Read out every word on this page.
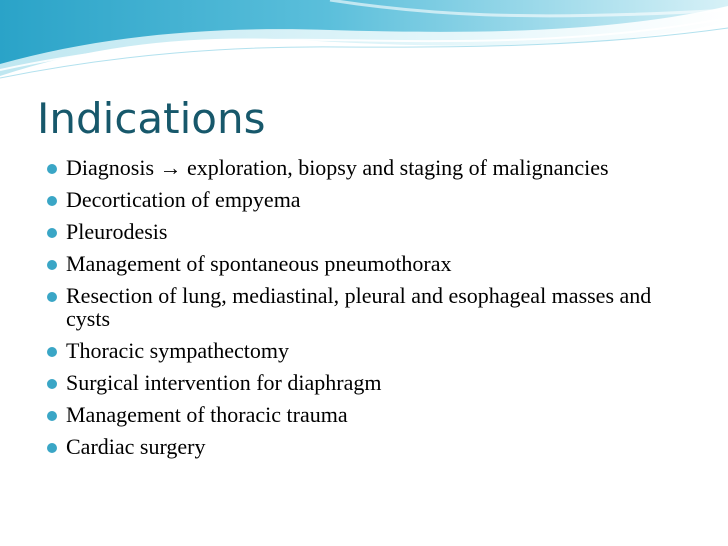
Indications
Diagnosis → exploration, biopsy and staging of malignancies
Decortication of empyema
Pleurodesis
Management of spontaneous pneumothorax
Resection of lung, mediastinal, pleural and esophageal masses and cysts
Thoracic sympathectomy
Surgical intervention for diaphragm
Management of thoracic trauma
Cardiac surgery
